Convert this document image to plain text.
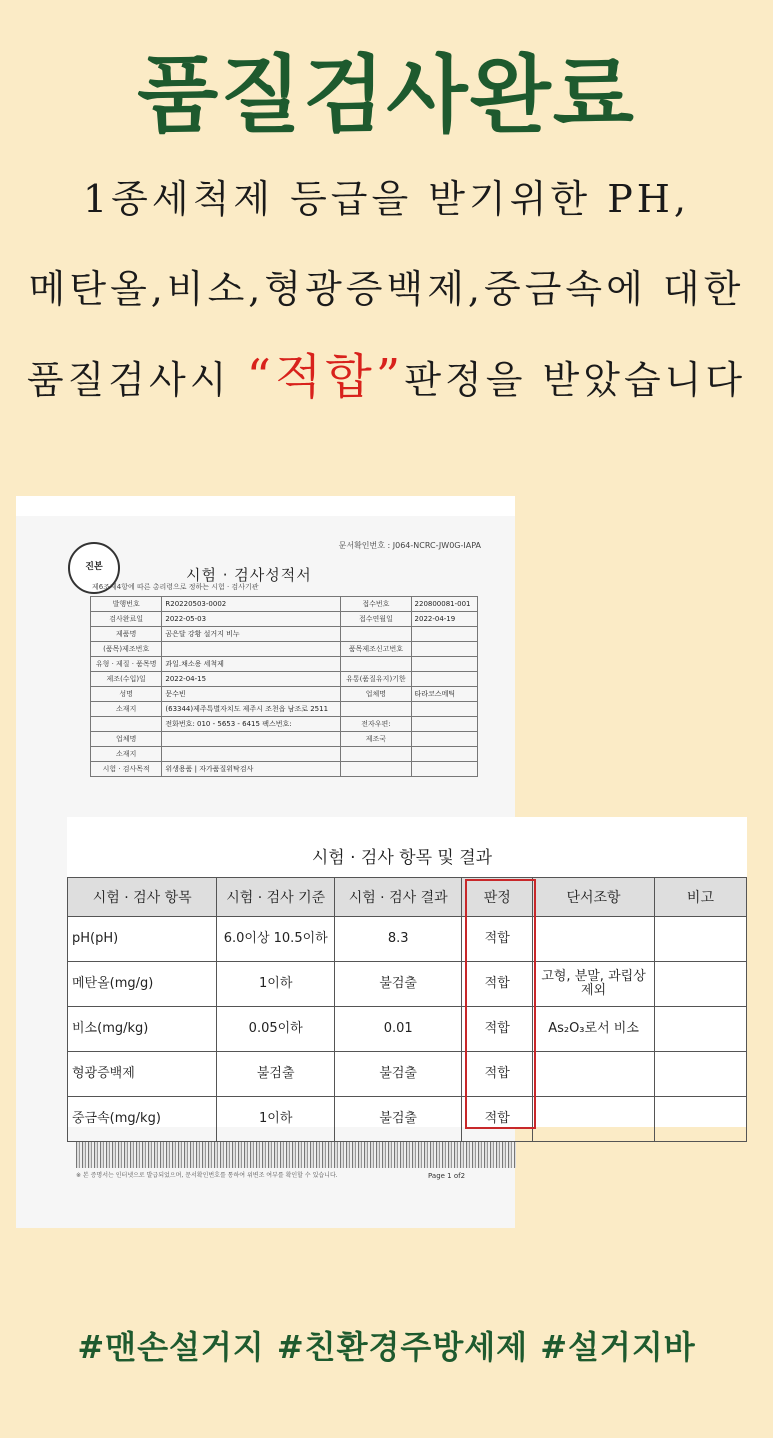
품질검사완료
1종세척제 등급을 받기위한 PH,
메탄올,비소,형광증백제,중금속에 대한
품질검사시 “적합”판정을 받았습니다
문서확인번호 : J064-NCRC-JW0G-IAPA
진본	시험 · 검사성적서
제6조제4항에 따른 총리령으로 정하는 시험 · 검사기관
발행번호	R20220503-0002	접수번호	220800081-001
검사완료일	2022-05-03	접수연월일	2022-04-19
제품명	곰은달 강황 설거지 비누		
(품목)제조번호		품목제조신고번호	
유형 · 제질 · 품목명	과일.채소용 세척제		
제조(수입)일	2022-04-15	유통(품질유지)기한	
성명	문수빈	업체명	타라코스메틱
소재지	(63344)제주특별자치도 제주시 조천읍 남조로 2511		
	전화번호: 010 - 5653 - 6415 팩스번호:	전자우편:	
업체명		제조국	
소재지			
시험 · 검사목적	위생용품 | 자가품질위탁검사		
※ 본 증명서는 인터넷으로 발급되었으며, 문서확인번호를 통하여 위변조 여부를 확인할 수 있습니다.	Page 1 of2
시험 · 검사 항목 및 결과
시험 · 검사 항목	시험 · 검사 기준	시험 · 검사 결과	판정	단서조항	비고
pH(pH)	6.0이상 10.5이하	8.3	적합		
메탄올(mg/g)	1이하	불검출	적합	고형, 분말, 과립상 제외	
비소(mg/kg)	0.05이하	0.01	적합	As₂O₃로서 비소	
형광증백제	불검출	불검출	적합		
중금속(mg/kg)	1이하	불검출	적합		
#맨손설거지 #친환경주방세제 #설거지바
